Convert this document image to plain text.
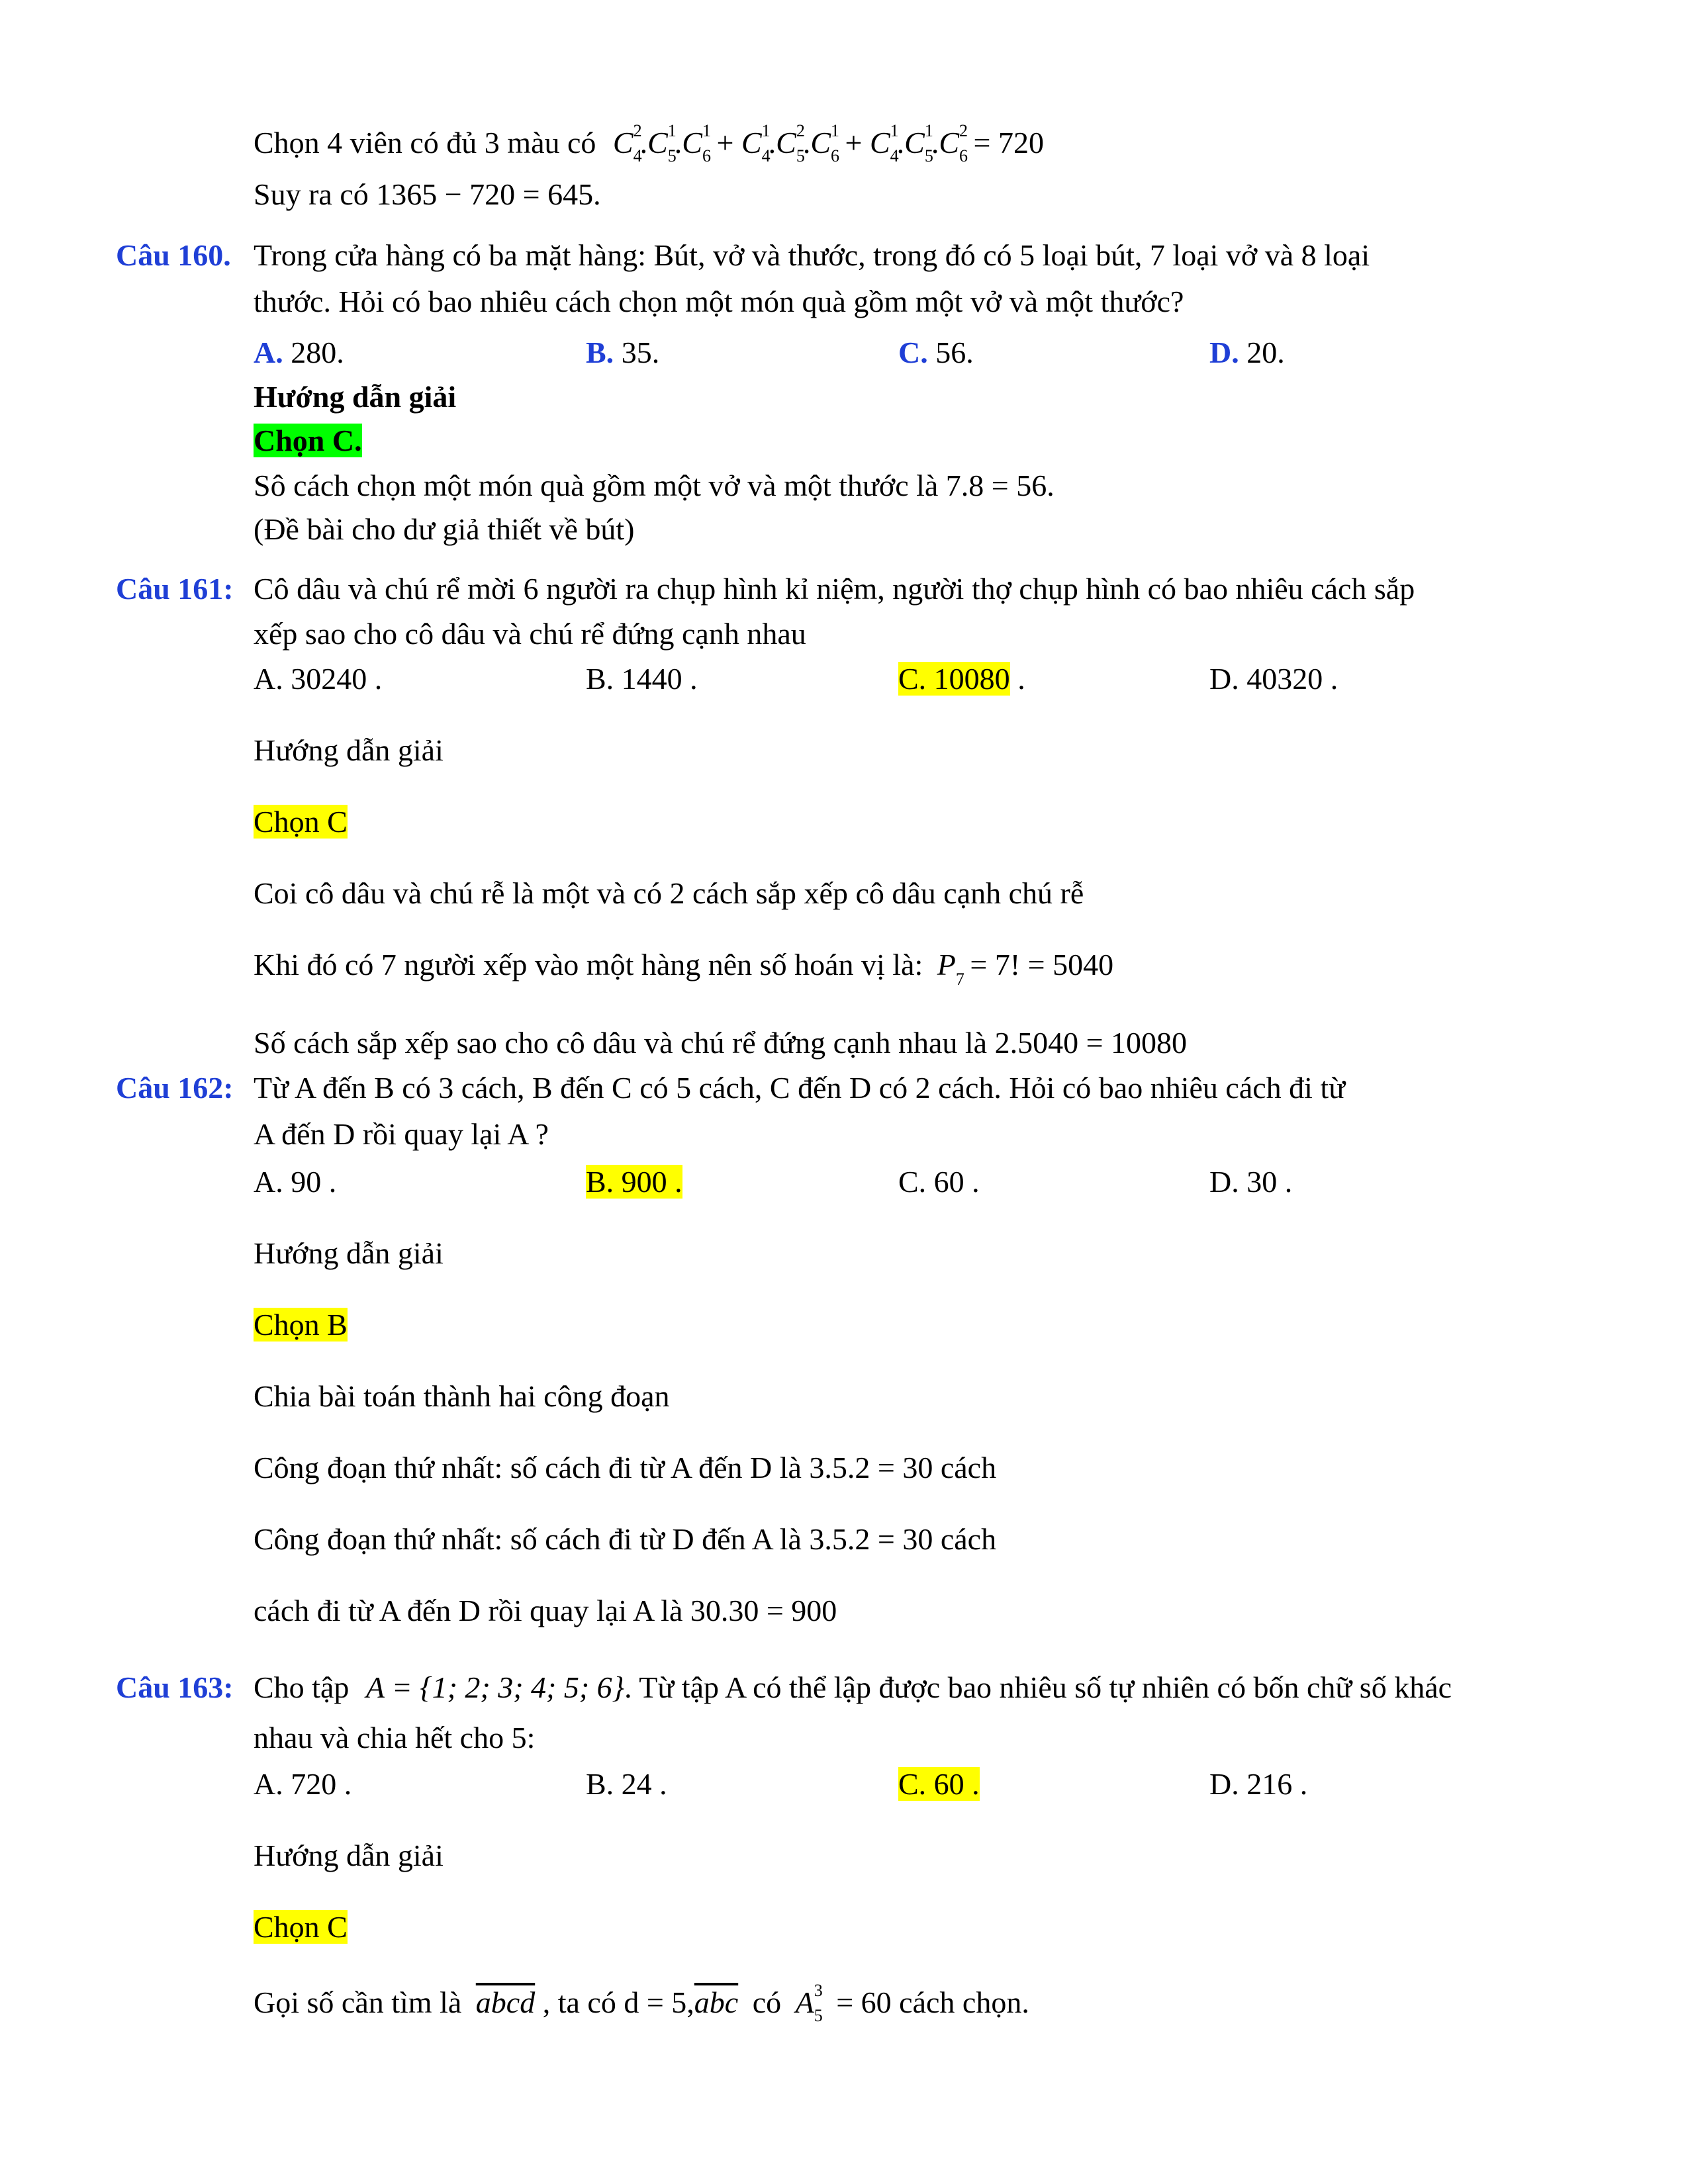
Chọn 4 viên có đủ 3 màu có C 2
4
.C 1
5
.C 1
6
+ C 1
4
.C 2
5
.C 1
6
+ C 1
4
.C 1
5
.C 2
6 = 720
Suy ra có 1365 − 720 = 645.
Câu 160. Trong cửa hàng có ba mặt hàng: Bút, vở và thước, trong đó có 5 loại bút, 7 loại vở và 8 loại
thước. Hỏi có bao nhiêu cách chọn một món quà gồm một vở và một thước?
A. 280.	B. 35.	C. 56.	D. 20.
Hướng dẫn giải
Chọn C.
Sô cách chọn một món quà gồm một vở và một thước là 7.8 = 56.
(Đề bài cho dư giả thiết về bút)
Câu 161: Cô dâu và chú rể mời 6 người ra chụp hình kỉ niệm, người thợ chụp hình có bao nhiêu cách sắp
xếp sao cho cô dâu và chú rể đứng cạnh nhau
A. 30240 .	B. 1440 .	C. 10080 .	D. 40320 .
Hướng dẫn giải
Chọn C
Coi cô dâu và chú rễ là một và có 2 cách sắp xếp cô dâu cạnh chú rễ
Khi đó có 7 người xếp vào một hàng nên số hoán vị là: P 7 = 7! = 5040
Số cách sắp xếp sao cho cô dâu và chú rể đứng cạnh nhau là 2.5040 = 10080
Câu 162: Từ A đến B có 3 cách, B đến C có 5 cách, C đến D có 2 cách. Hỏi có bao nhiêu cách đi từ
A đến D rồi quay lại A ?
A. 90 .	B. 900 .	C. 60 .	D. 30 .
Hướng dẫn giải
Chọn B
Chia bài toán thành hai công đoạn
Công đoạn thứ nhất: số cách đi từ A đến D là 3.5.2 = 30 cách
Công đoạn thứ nhất: số cách đi từ D đến A là 3.5.2 = 30 cách
cách đi từ A đến D rồi quay lại A là 30.30 = 900
Câu 163: Cho tập A = {1; 2; 3; 4; 5; 6}. Từ tập A có thể lập được bao nhiêu số tự nhiên có bốn chữ số khác
nhau và chia hết cho 5:
A. 720 .	B. 24 .	C. 60 .	D. 216 .
Hướng dẫn giải
Chọn C
Gọi số cần tìm là abcd , ta có $d = 5,\overline{abc}$ có A 3
5 = 60 cách chọn.
